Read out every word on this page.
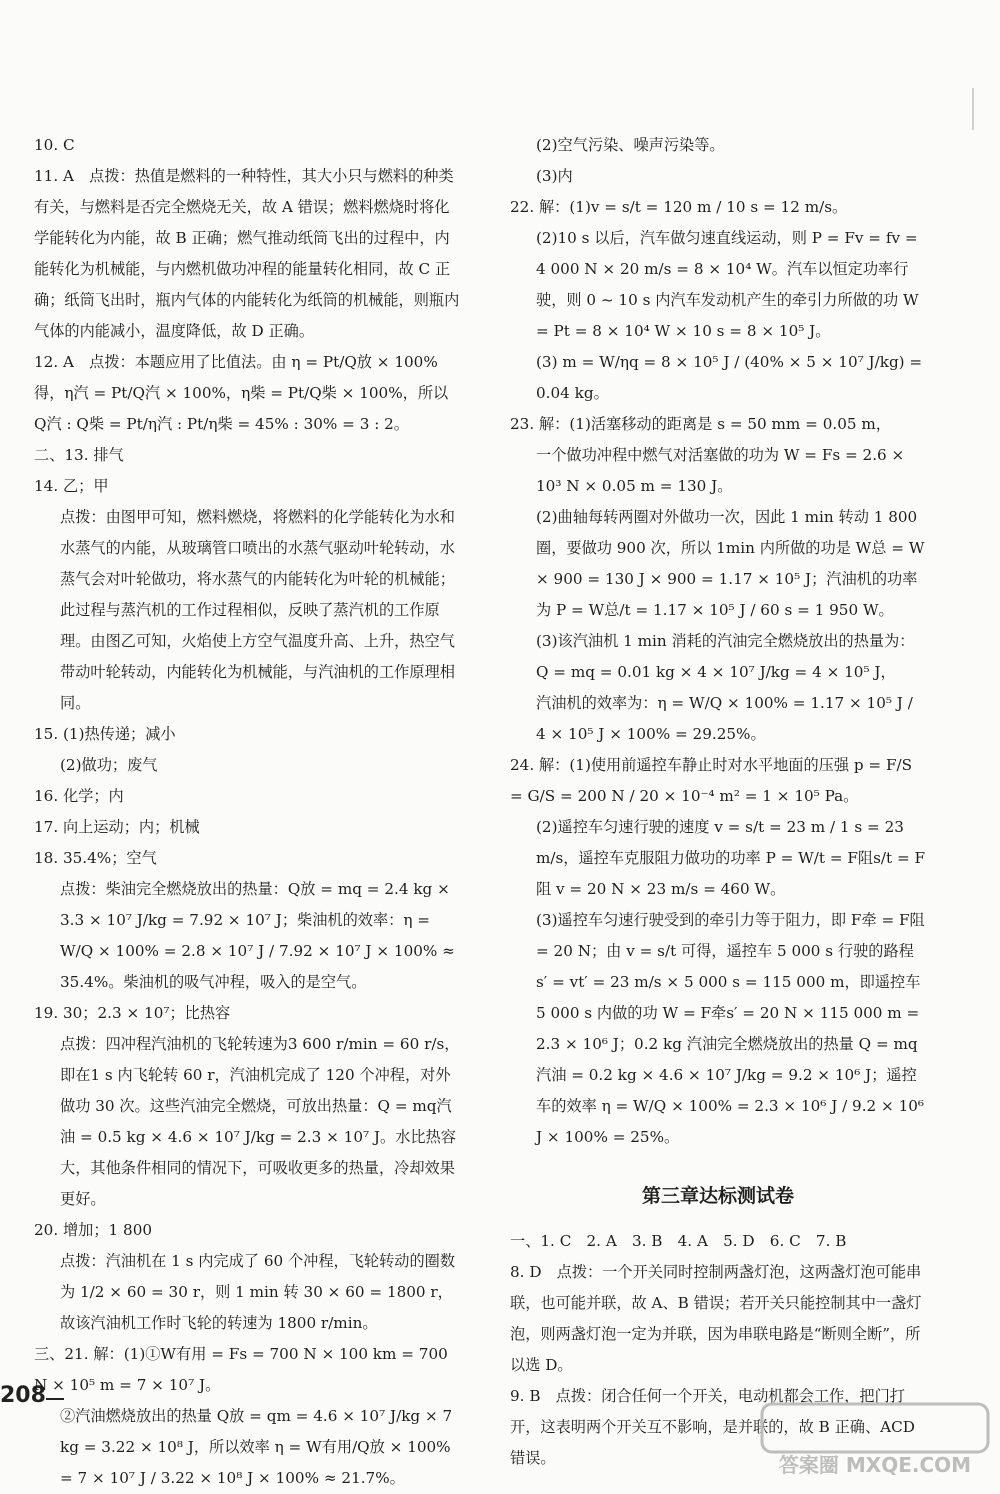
10. C

11. A　点拨：热值是燃料的一种特性，其大小只与燃料的种类有关，与燃料是否完全燃烧无关，故 A 错误；燃料燃烧时将化学能转化为内能，故 B 正确；燃气推动纸筒飞出的过程中，内能转化为机械能，与内燃机做功冲程的能量转化相同，故 C 正确；纸筒飞出时，瓶内气体的内能转化为纸筒的机械能，则瓶内气体的内能减小，温度降低，故 D 正确。

12. A　点拨：本题应用了比值法。由 η = Pt/Q放 × 100% 得，η汽 = Pt/Q汽 × 100%，η柴 = Pt/Q柴 × 100%，所以 Q汽 : Q柴 = Pt/η汽 : Pt/η柴 = 45% : 30% = 3 : 2。

二、13. 排气

14. 乙；甲

点拨：由图甲可知，燃料燃烧，将燃料的化学能转化为水和水蒸气的内能，从玻璃管口喷出的水蒸气驱动叶轮转动，水蒸气会对叶轮做功，将水蒸气的内能转化为叶轮的机械能；此过程与蒸汽机的工作过程相似，反映了蒸汽机的工作原理。由图乙可知，火焰使上方空气温度升高、上升，热空气带动叶轮转动，内能转化为机械能，与汽油机的工作原理相同。

15. (1)热传递；减小

(2)做功；废气

16. 化学；内

17. 向上运动；内；机械

18. 35.4%；空气

点拨：柴油完全燃烧放出的热量：Q放 = mq = 2.4 kg × 3.3 × 10⁷ J/kg = 7.92 × 10⁷ J；柴油机的效率：η = W/Q × 100% = 2.8 × 10⁷ J / 7.92 × 10⁷ J × 100% ≈ 35.4%。柴油机的吸气冲程，吸入的是空气。

19. 30；2.3 × 10⁷；比热容

点拨：四冲程汽油机的飞轮转速为3 600 r/min = 60 r/s，即在1 s 内飞轮转 60 r，汽油机完成了 120 个冲程，对外做功 30 次。这些汽油完全燃烧，可放出热量：Q = mq汽油 = 0.5 kg × 4.6 × 10⁷ J/kg = 2.3 × 10⁷ J。水比热容大，其他条件相同的情况下，可吸收更多的热量，冷却效果更好。

20. 增加；1 800

点拨：汽油机在 1 s 内完成了 60 个冲程，飞轮转动的圈数为 1/2 × 60 = 30 r，则 1 min 转 30 × 60 = 1800 r，故该汽油机工作时飞轮的转速为 1800 r/min。

三、21. 解：(1)①W有用 = Fs = 700 N × 100 km = 700 N × 10⁵ m = 7 × 10⁷ J。

②汽油燃烧放出的热量 Q放 = qm = 4.6 × 10⁷ J/kg × 7 kg = 3.22 × 10⁸ J，所以效率 η = W有用/Q放 × 100% = 7 × 10⁷ J / 3.22 × 10⁸ J × 100% ≈ 21.7%。

(2)空气污染、噪声污染等。

(3)内

22. 解：(1)v = s/t = 120 m / 10 s = 12 m/s。

(2)10 s 以后，汽车做匀速直线运动，则 P = Fv = fv = 4 000 N × 20 m/s = 8 × 10⁴ W。汽车以恒定功率行驶，则 0 ~ 10 s 内汽车发动机产生的牵引力所做的功 W = Pt = 8 × 10⁴ W × 10 s = 8 × 10⁵ J。

(3) m = W/ηq = 8 × 10⁵ J / (40% × 5 × 10⁷ J/kg) = 0.04 kg。

23. 解：(1)活塞移动的距离是 s = 50 mm = 0.05 m，

一个做功冲程中燃气对活塞做的功为 W = Fs = 2.6 × 10³ N × 0.05 m = 130 J。

(2)曲轴每转两圈对外做功一次，因此 1 min 转动 1 800 圈，要做功 900 次，所以 1min 内所做的功是 W总 = W × 900 = 130 J × 900 = 1.17 × 10⁵ J；汽油机的功率为 P = W总/t = 1.17 × 10⁵ J / 60 s = 1 950 W。

(3)该汽油机 1 min 消耗的汽油完全燃烧放出的热量为：Q = mq = 0.01 kg × 4 × 10⁷ J/kg = 4 × 10⁵ J，

汽油机的效率为：η = W/Q × 100% = 1.17 × 10⁵ J / 4 × 10⁵ J × 100% = 29.25%。

24. 解：(1)使用前遥控车静止时对水平地面的压强 p = F/S = G/S = 200 N / 20 × 10⁻⁴ m² = 1 × 10⁵ Pa。

(2)遥控车匀速行驶的速度 v = s/t = 23 m / 1 s = 23 m/s，遥控车克服阻力做功的功率 P = W/t = F阻s/t = F阻 v = 20 N × 23 m/s = 460 W。

(3)遥控车匀速行驶受到的牵引力等于阻力，即 F牵 = F阻 = 20 N；由 v = s/t 可得，遥控车 5 000 s 行驶的路程 s′ = vt′ = 23 m/s × 5 000 s = 115 000 m，即遥控车 5 000 s 内做的功 W = F牵s′ = 20 N × 115 000 m = 2.3 × 10⁶ J；0.2 kg 汽油完全燃烧放出的热量 Q = mq汽油 = 0.2 kg × 4.6 × 10⁷ J/kg = 9.2 × 10⁶ J；遥控车的效率 η = W/Q × 100% = 2.3 × 10⁶ J / 9.2 × 10⁶ J × 100% = 25%。

第三章达标测试卷

一、1. C　2. A　3. B　4. A　5. D　6. C　7. B

8. D　点拨：一个开关同时控制两盏灯泡，这两盏灯泡可能串联，也可能并联，故 A、B 错误；若开关只能控制其中一盏灯泡，则两盏灯泡一定为并联，因为串联电路是“断则全断”，所以选 D。

9. B　点拨：闭合任何一个开关，电动机都会工作，把门打开，这表明两个开关互不影响，是并联的，故 B 正确、ACD 错误。

208
答案圈 MXQE.COM
